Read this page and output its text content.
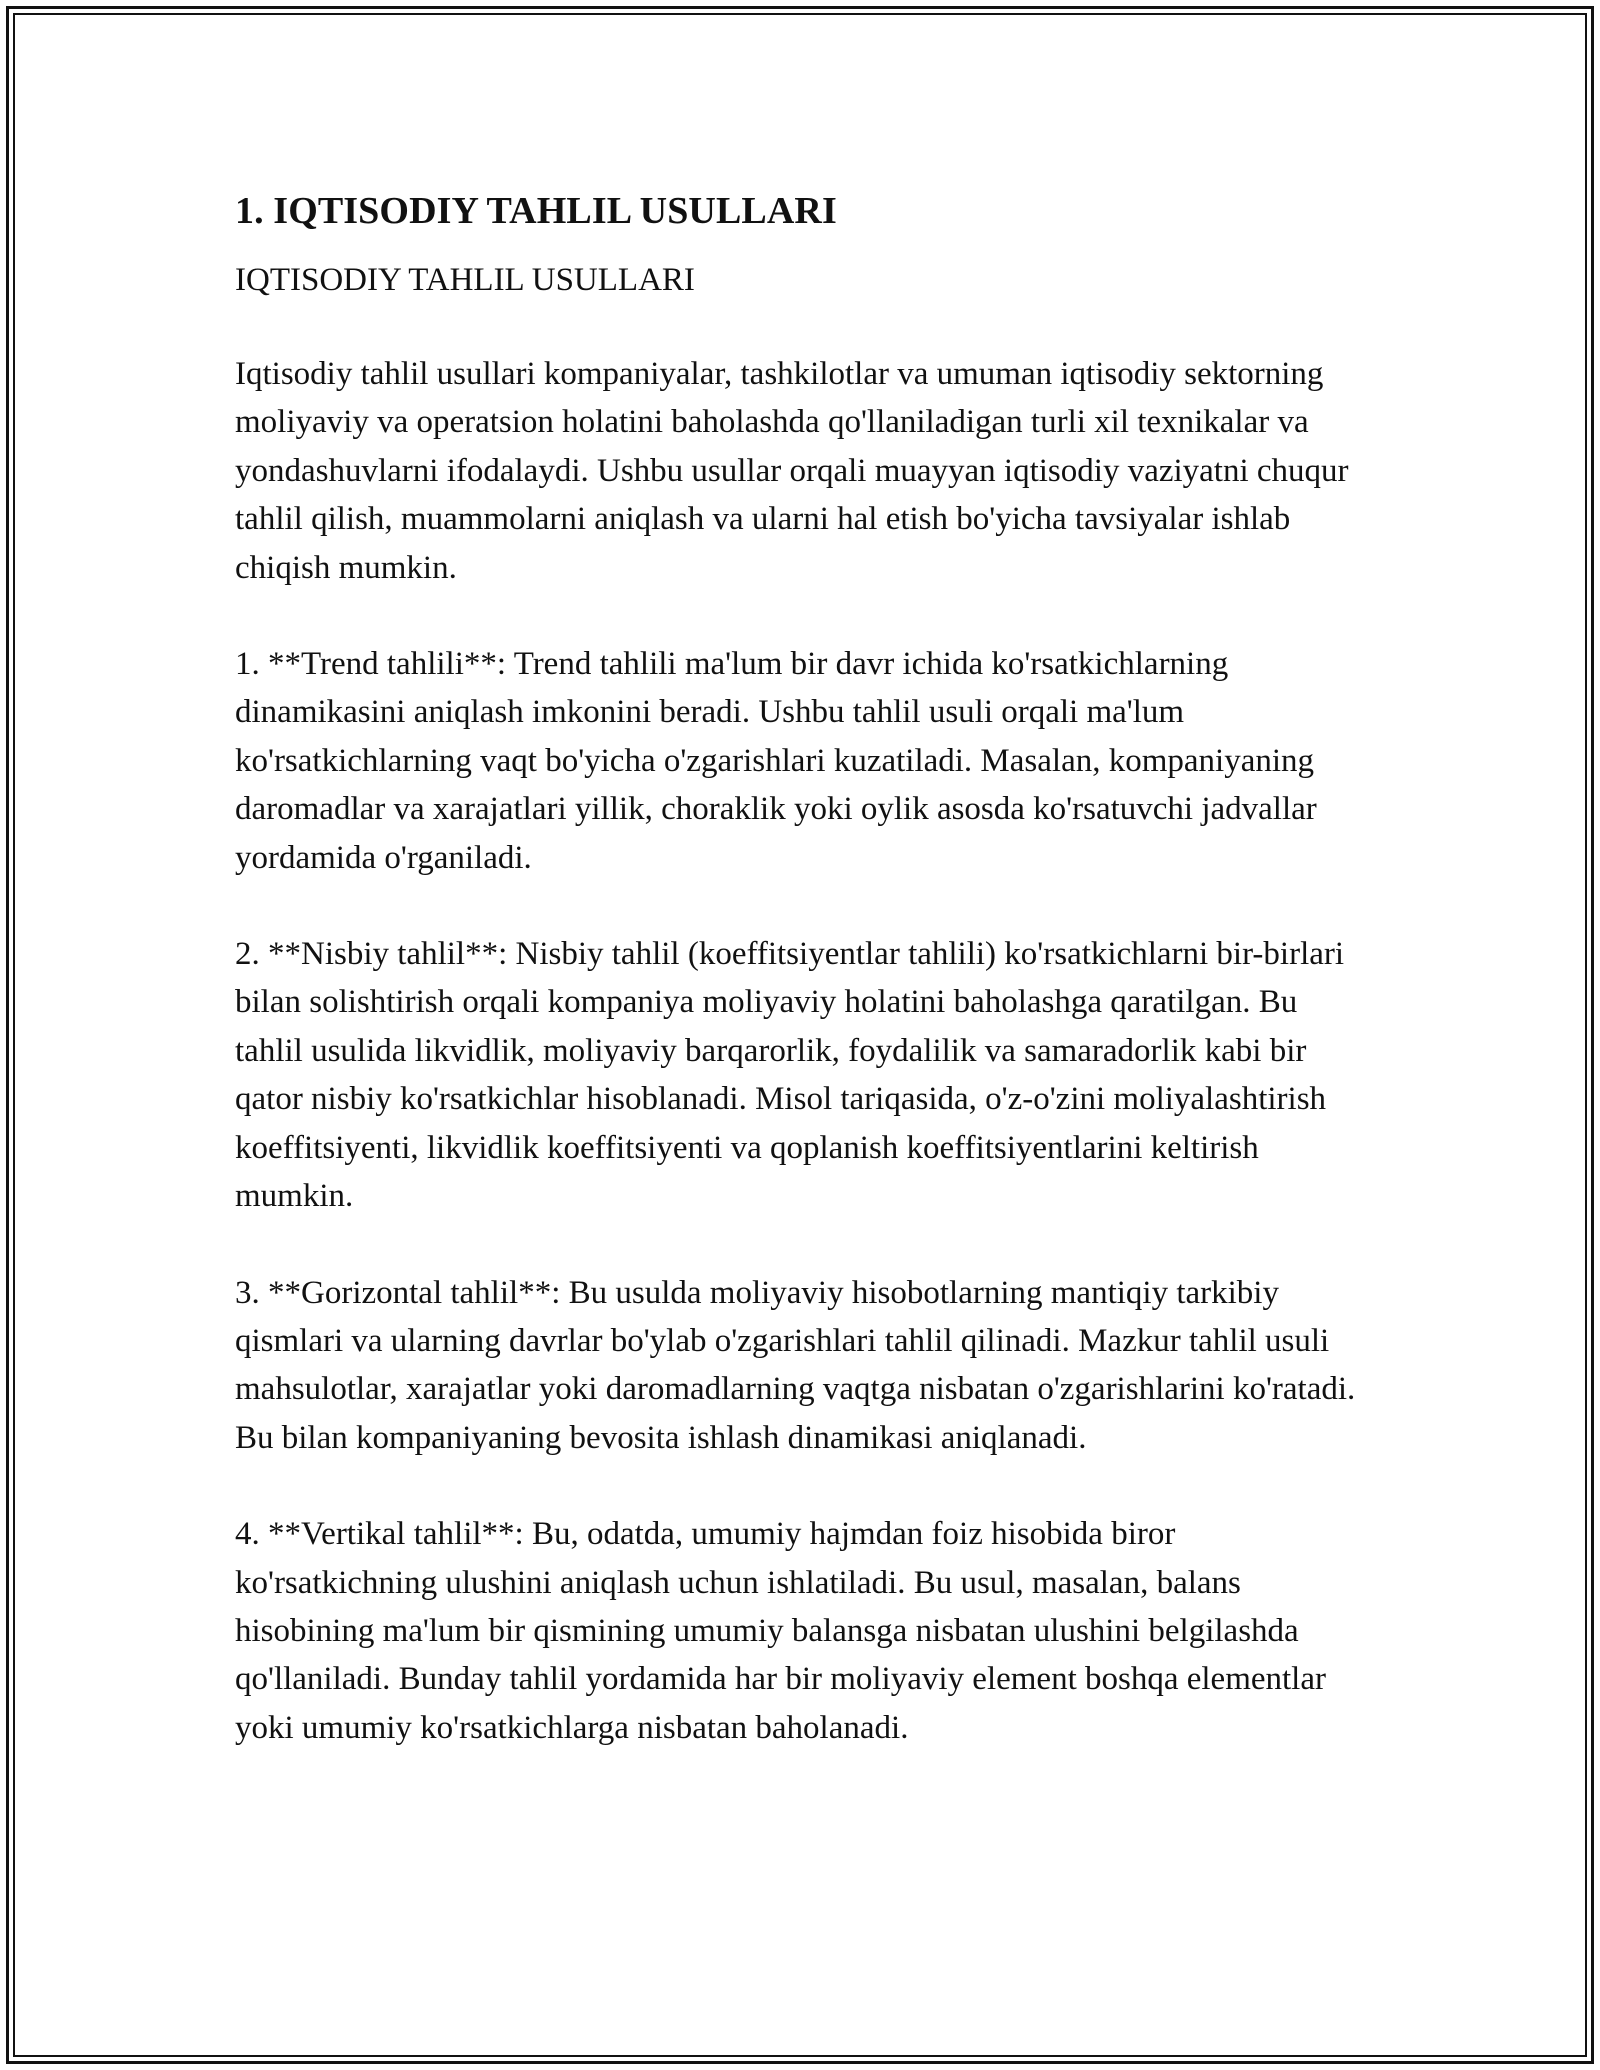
1. IQTISODIY TAHLIL USULLARI

IQTISODIY TAHLIL USULLARI

Iqtisodiy tahlil usullari kompaniyalar, tashkilotlar va umuman iqtisodiy sektorning moliyaviy va operatsion holatini baholashda qo'llaniladigan turli xil texnikalar va yondashuvlarni ifodalaydi. Ushbu usullar orqali muayyan iqtisodiy vaziyatni chuqur tahlil qilish, muammolarni aniqlash va ularni hal etish bo'yicha tavsiyalar ishlab chiqish mumkin.

1. **Trend tahlili**: Trend tahlili ma'lum bir davr ichida ko'rsatkichlarning dinamikasini aniqlash imkonini beradi. Ushbu tahlil usuli orqali ma'lum ko'rsatkichlarning vaqt bo'yicha o'zgarishlari kuzatiladi. Masalan, kompaniyaning daromadlar va xarajatlari yillik, choraklik yoki oylik asosda ko'rsatuvchi jadvallar yordamida o'rganiladi.

2. **Nisbiy tahlil**: Nisbiy tahlil (koeffitsiyentlar tahlili) ko'rsatkichlarni bir-birlari bilan solishtirish orqali kompaniya moliyaviy holatini baholashga qaratilgan. Bu tahlil usulida likvidlik, moliyaviy barqarorlik, foydalilik va samaradorlik kabi bir qator nisbiy ko'rsatkichlar hisoblanadi. Misol tariqasida, o'z-o'zini moliyalashtirish koeffitsiyenti, likvidlik koeffitsiyenti va qoplanish koeffitsiyentlarini keltirish mumkin.

3. **Gorizontal tahlil**: Bu usulda moliyaviy hisobotlarning mantiqiy tarkibiy qismlari va ularning davrlar bo'ylab o'zgarishlari tahlil qilinadi. Mazkur tahlil usuli mahsulotlar, xarajatlar yoki daromadlarning vaqtga nisbatan o'zgarishlarini ko'ratadi. Bu bilan kompaniyaning bevosita ishlash dinamikasi aniqlanadi.

4. **Vertikal tahlil**: Bu, odatda, umumiy hajmdan foiz hisobida biror ko'rsatkichning ulushini aniqlash uchun ishlatiladi. Bu usul, masalan, balans hisobining ma'lum bir qismining umumiy balansga nisbatan ulushini belgilashda qo'llaniladi. Bunday tahlil yordamida har bir moliyaviy element boshqa elementlar yoki umumiy ko'rsatkichlarga nisbatan baholanadi.
